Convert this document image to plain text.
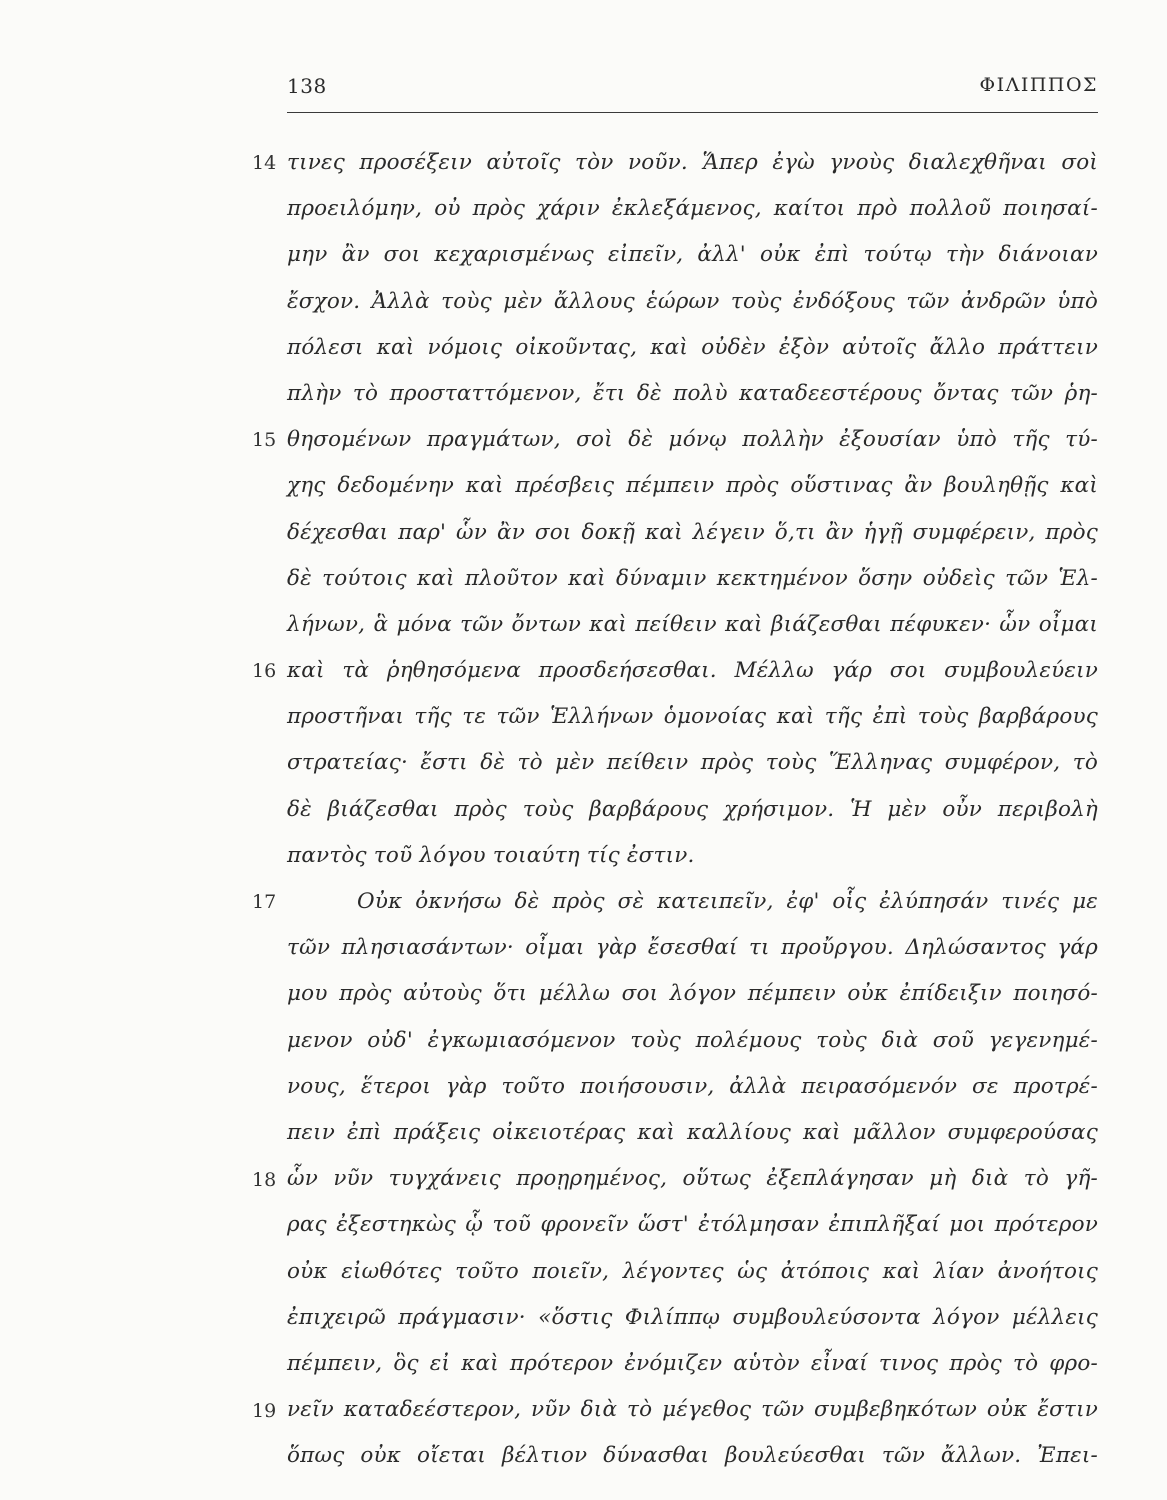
138	ΦΙΛΙΠΠΟΣ
14
15
16
17
18
19
τινες προσέξειν αὐτοῖς τὸν νοῦν. Ἅπερ ἐγὼ γνοὺς διαλεχθῆναι σοὶ
προειλόμην, οὐ πρὸς χάριν ἐκλεξάμενος, καίτοι πρὸ πολλοῦ ποιησαί-
μην ἂν σοι κεχαρισμένως εἰπεῖν, ἀλλ' οὐκ ἐπὶ τούτῳ τὴν διάνοιαν
ἔσχον. Ἀλλὰ τοὺς μὲν ἄλλους ἑώρων τοὺς ἐνδόξους τῶν ἀνδρῶν ὑπὸ
πόλεσι καὶ νόμοις οἰκοῦντας, καὶ οὐδὲν ἐξὸν αὐτοῖς ἄλλο πράττειν
πλὴν τὸ προσταττόμενον, ἔτι δὲ πολὺ καταδεεστέρους ὄντας τῶν ῥη-
θησομένων πραγμάτων, σοὶ δὲ μόνῳ πολλὴν ἐξουσίαν ὑπὸ τῆς τύ-
χης δεδομένην καὶ πρέσβεις πέμπειν πρὸς οὕστινας ἂν βουληθῇς καὶ
δέχεσθαι παρ' ὧν ἂν σοι δοκῇ καὶ λέγειν ὅ,τι ἂν ἡγῇ συμφέρειν, πρὸς
δὲ τούτοις καὶ πλοῦτον καὶ δύναμιν κεκτημένον ὅσην οὐδεὶς τῶν Ἑλ-
λήνων, ἃ μόνα τῶν ὄντων καὶ πείθειν καὶ βιάζεσθαι πέφυκεν· ὧν οἶμαι
καὶ τὰ ῥηθησόμενα προσδεήσεσθαι. Μέλλω γάρ σοι συμβουλεύειν
προστῆναι τῆς τε τῶν Ἑλλήνων ὁμονοίας καὶ τῆς ἐπὶ τοὺς βαρβάρους
στρατείας· ἔστι δὲ τὸ μὲν πείθειν πρὸς τοὺς Ἕλληνας συμφέρον, τὸ
δὲ βιάζεσθαι πρὸς τοὺς βαρβάρους χρήσιμον. Ἡ μὲν οὖν περιβολὴ
παντὸς τοῦ λόγου τοιαύτη τίς ἐστιν.
Οὐκ ὀκνήσω δὲ πρὸς σὲ κατειπεῖν, ἐφ' οἷς ἐλύπησάν τινές με
τῶν πλησιασάντων· οἶμαι γὰρ ἔσεσθαί τι προὔργου. Δηλώσαντος γάρ
μου πρὸς αὐτοὺς ὅτι μέλλω σοι λόγον πέμπειν οὐκ ἐπίδειξιν ποιησό-
μενον οὐδ' ἐγκωμιασόμενον τοὺς πολέμους τοὺς διὰ σοῦ γεγενημέ-
νους, ἕτεροι γὰρ τοῦτο ποιήσουσιν, ἀλλὰ πειρασόμενόν σε προτρέ-
πειν ἐπὶ πράξεις οἰκειοτέρας καὶ καλλίους καὶ μᾶλλον συμφερούσας
ὧν νῦν τυγχάνεις προῃρημένος, οὕτως ἐξεπλάγησαν μὴ διὰ τὸ γῆ-
ρας ἐξεστηκὼς ᾧ τοῦ φρονεῖν ὥστ' ἐτόλμησαν ἐπιπλῆξαί μοι πρότερον
οὐκ εἰωθότες τοῦτο ποιεῖν, λέγοντες ὡς ἀτόποις καὶ λίαν ἀνοήτοις
ἐπιχειρῶ πράγμασιν· «ὅστις Φιλίππῳ συμβουλεύσοντα λόγον μέλλεις
πέμπειν, ὃς εἰ καὶ πρότερον ἐνόμιζεν αὑτὸν εἶναί τινος πρὸς τὸ φρο-
νεῖν καταδεέστερον, νῦν διὰ τὸ μέγεθος τῶν συμβεβηκότων οὐκ ἔστιν
ὅπως οὐκ οἴεται βέλτιον δύνασθαι βουλεύεσθαι τῶν ἄλλων. Ἐπει-
